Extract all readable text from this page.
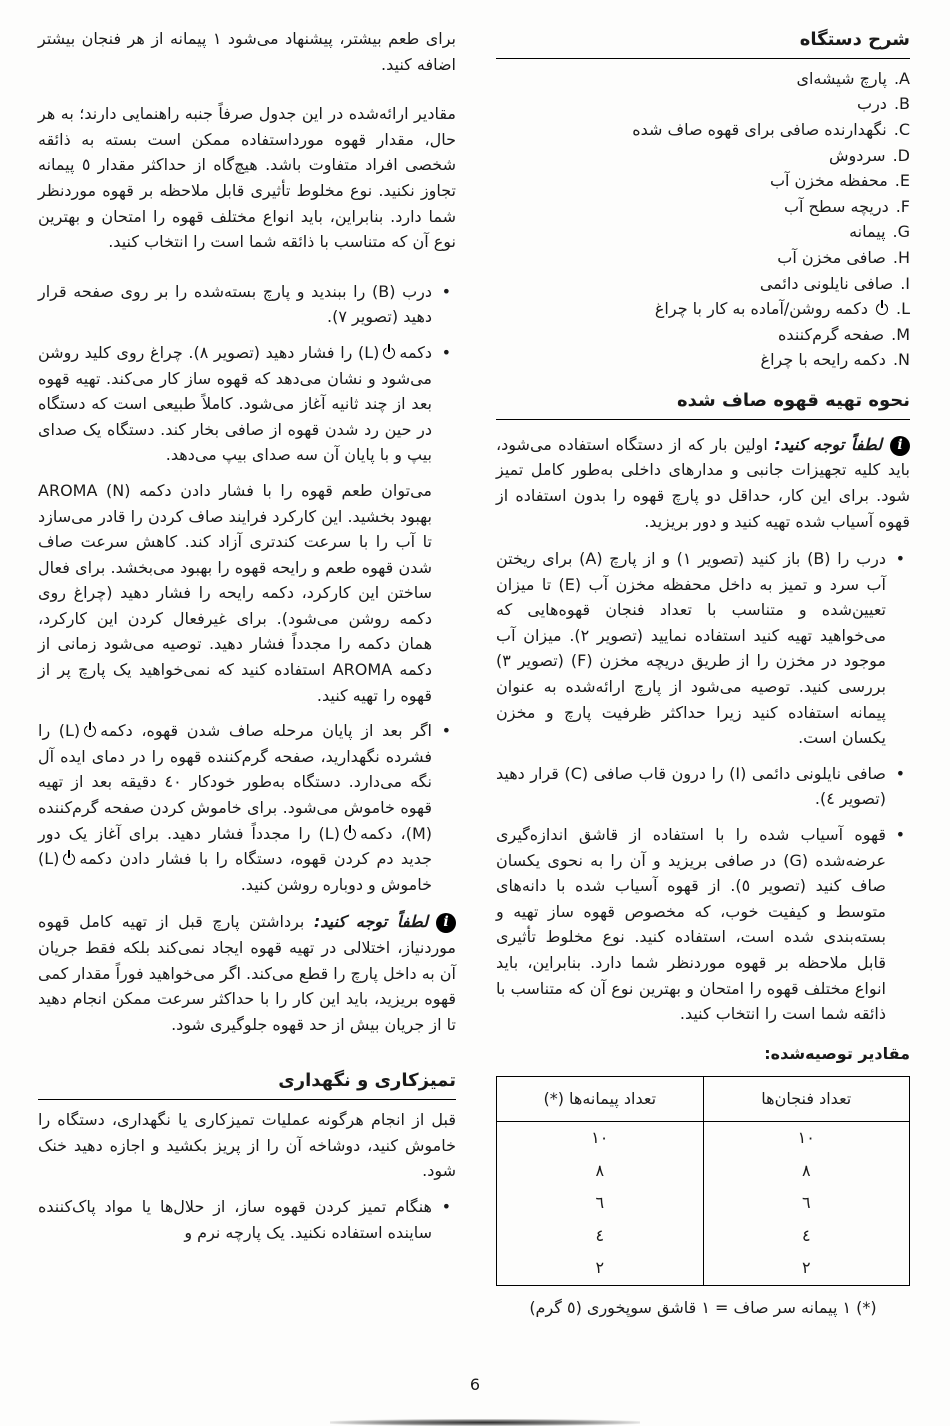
شرح دستگاه
.A
پارچ شیشه‌ای
.B
درب
.C
نگهدارنده صافی برای قهوه صاف شده
.D
سردوش
.E
محفظه مخزن آب
.F
دریچه سطح آب
.G
پیمانه
.H
صافی مخزن آب
.I
صافی نایلونی دائمی
.L
دکمه روشن/آماده به کار با چراغ
.M
صفحه گرم‌کننده
.N
دکمه رایحه با چراغ
نحوه تهیه قهوه صاف شده
i
لطفاً توجه کنید: اولین بار که از دستگاه استفاده می‌شود، باید کلیه تجهیزات جانبی و مدارهای داخلی به‌طور کامل تمیز شود. برای این کار، حداقل دو پارچ قهوه را بدون استفاده از قهوه آسیاب شده تهیه کنید و دور بریزید.
• درب را (B) باز کنید (تصویر ١) و از پارچ (A) برای ریختن آب سرد و تمیز به داخل محفظه مخزن آب (E) تا میزان تعیین‌شده و متناسب با تعداد فنجان قهوه‌هایی که می‌خواهید تهیه کنید استفاده نمایید (تصویر ٢). میزان آب موجود در مخزن را از طریق دریچه مخزن (F) (تصویر ٣) بررسی کنید. توصیه می‌شود از پارچ ارائه‌شده به عنوان پیمانه استفاده کنید زیرا حداکثر ظرفیت پارچ و مخزن یکسان است.
• صافی نایلونی دائمی (I) را درون قاب صافی (C) قرار دهید (تصویر ٤).
• قهوه آسیاب شده را با استفاده از قاشق اندازه‌گیری عرضه‌شده (G) در صافی بریزید و آن را به نحوی یکسان صاف کنید (تصویر ٥). از قهوه آسیاب شده با دانه‌های متوسط و کیفیت خوب، که مخصوص قهوه ساز تهیه و بسته‌بندی شده است، استفاده کنید. نوع مخلوط تأثیری قابل ملاحظه بر قهوه موردنظر شما دارد. بنابراین، باید انواع مختلف قهوه را امتحان و بهترین نوع آن که متناسب با ذائقه شما است را انتخاب کنید.
مقادیر توصیه‌شده:
تعداد فنجان‌ها	تعداد پیمانه‌ها (*)
١٠	١٠
٨	٨
٦	٦
٤	٤
٢	٢
(*) ١ پیمانه سر صاف = ١ قاشق سوپخوری (٥ گرم)
برای طعم بیشتر، پیشنهاد می‌شود ١ پیمانه از هر فنجان بیشتر اضافه کنید.
مقادیر ارائه‌شده در این جدول صرفاً جنبه راهنمایی دارند؛ به هر حال، مقدار قهوه مورداستفاده ممکن است بسته به ذائقه شخصی افراد متفاوت باشد. هیچ‌گاه از حداکثر مقدار ٥ پیمانه تجاوز نکنید. نوع مخلوط تأثیری قابل ملاحظه بر قهوه موردنظر شما دارد. بنابراین، باید انواع مختلف قهوه را امتحان و بهترین نوع آن که متناسب با ذائقه شما است را انتخاب کنید.
• درب (B) را ببندید و پارچ بسته‌شده را بر روی صفحه قرار دهید (تصویر ٧).
• دکمه(L) را فشار دهید (تصویر ٨). چراغ روی کلید روشن می‌شود و نشان می‌دهد که قهوه ساز کار می‌کند. تهیه قهوه بعد از چند ثانیه آغاز می‌شود. کاملاً طبیعی است که دستگاه در حین رد شدن قهوه از صافی بخار کند. دستگاه یک صدای بیپ و با پایان آن سه صدای بیپ می‌دهد.
می‌توان طعم قهوه را با فشار دادن دکمه AROMA (N) بهبود بخشید. این کارکرد فرایند صاف کردن را قادر می‌سازد تا آب را با سرعت کندتری آزاد کند. کاهش سرعت صاف شدن قهوه طعم و رایحه قهوه را بهبود می‌بخشد. برای فعال ساختن این کارکرد، دکمه رایحه را فشار دهید (چراغ روی دکمه روشن می‌شود). برای غیرفعال کردن این کارکرد، همان دکمه را مجدداً فشار دهید. توصیه می‌شود زمانی از دکمه AROMA استفاده کنید که نمی‌خواهید یک پارچ پر از قهوه را تهیه کنید.
• اگر بعد از پایان مرحله صاف شدن قهوه، دکمه(L) را فشرده نگهدارید، صفحه گرم‌کننده قهوه را در دمای ایده آل نگه می‌دارد. دستگاه به‌طور خودکار ٤٠ دقیقه بعد از تهیه قهوه خاموش می‌شود. برای خاموش کردن صفحه گرم‌کننده (M)، دکمه(L) را مجدداً فشار دهید. برای آغاز یک دور جدید دم کردن قهوه، دستگاه را با فشار دادن دکمه(L) خاموش و دوباره روشن کنید.
i
لطفاً توجه کنید: برداشتن پارچ قبل از تهیه کامل قهوه موردنیاز، اختلالی در تهیه قهوه ایجاد نمی‌کند بلکه فقط جریان آن به داخل پارچ را قطع می‌کند. اگر می‌خواهید فوراً مقدار کمی قهوه بریزید، باید این کار را با حداکثر سرعت ممکن انجام دهید تا از جریان بیش از حد قهوه جلوگیری شود.
تمیزکاری و نگهداری
قبل از انجام هرگونه عملیات تمیزکاری یا نگهداری، دستگاه را خاموش کنید، دوشاخه آن را از پریز بکشید و اجازه دهید خنک شود.
• هنگام تمیز کردن قهوه ساز، از حلال‌ها یا مواد پاک‌کننده ساینده استفاده نکنید. یک پارچه نرم و
6
